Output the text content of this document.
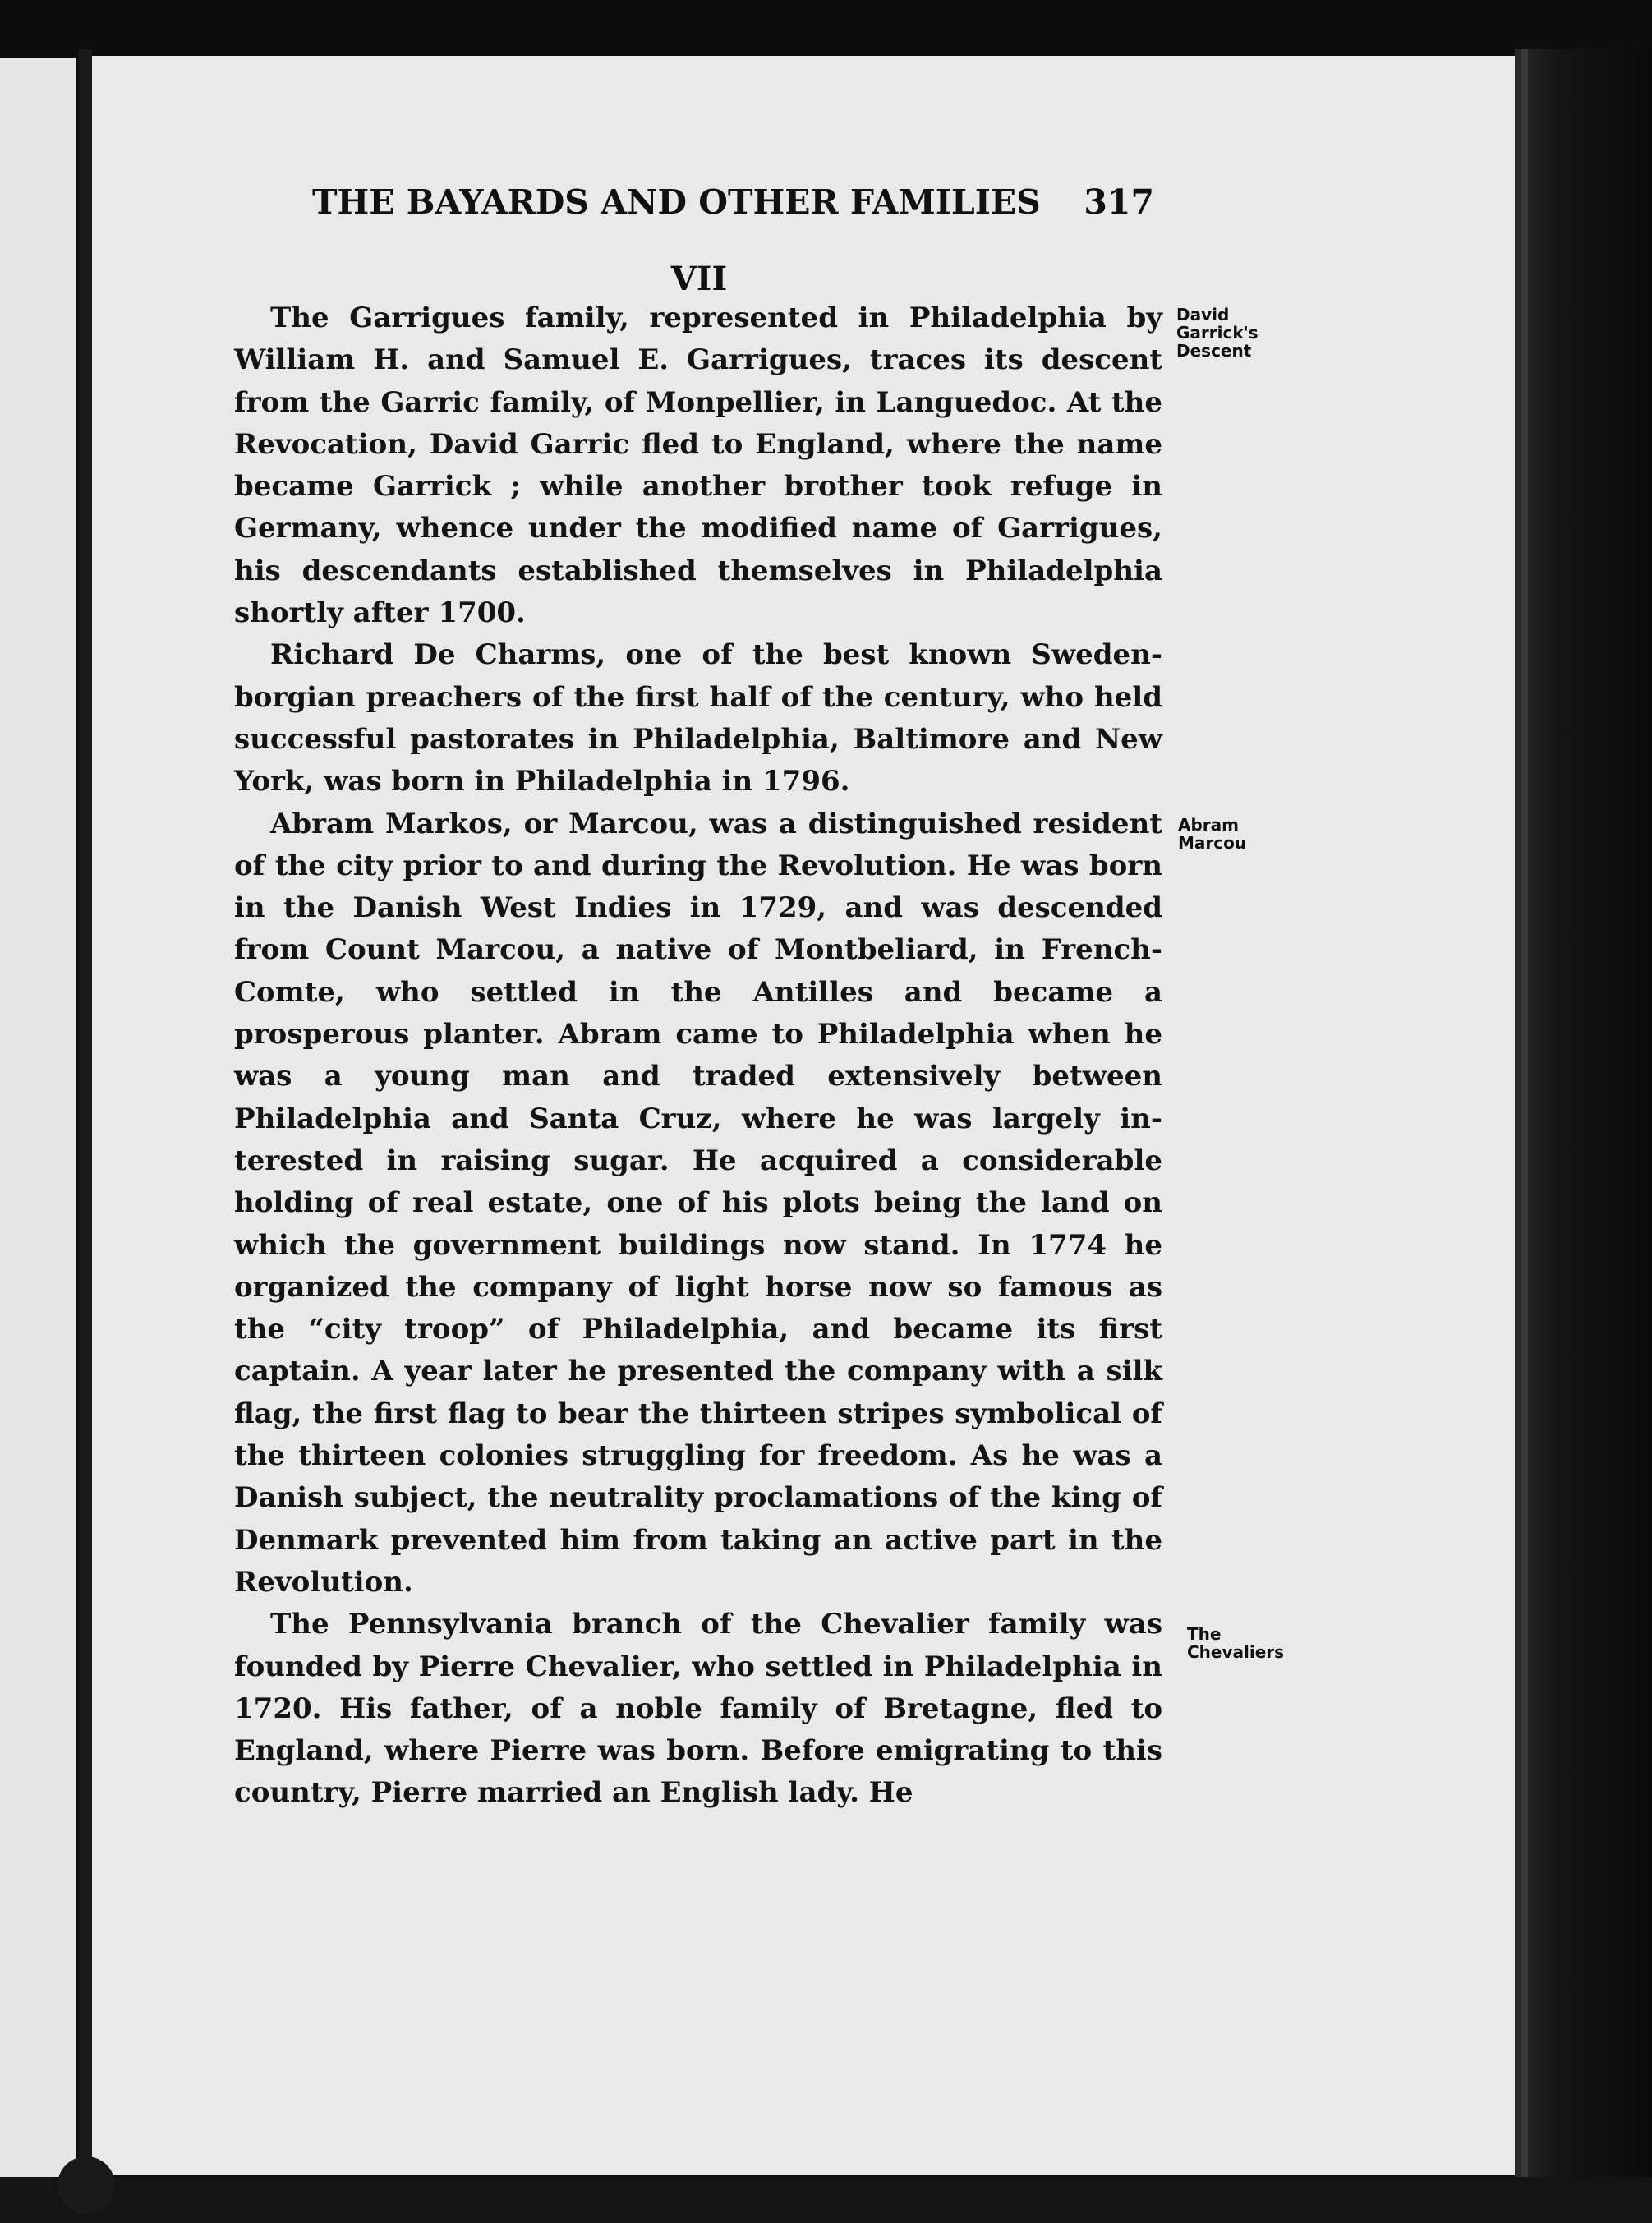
THE BAYARDS AND OTHER FAMILIES 317
VII

The Garrigues family, represented in Philadelphia by William H. and Samuel E. Garrigues, traces its descent from the Garric family, of Monpellier, in Languedoc. At the Revocation, David Garric fled to England, where the name became Garrick ; while another brother took refuge in Germany, whence under the modified name of Garrigues, his descendants established themselves in Philadelphia shortly after 1700.

Richard De Charms, one of the best known Swedenborgian preachers of the first half of the century, who held successful pastorates in Philadelphia, Baltimore and New York, was born in Philadelphia in 1796.

Abram Markos, or Marcou, was a distinguished resident of the city prior to and during the Revolution. He was born in the Danish West Indies in 1729, and was descended from Count Marcou, a native of Montbeliard, in French-Comte, who settled in the Antilles and became a prosperous planter. Abram came to Philadelphia when he was a young man and traded extensively between Philadelphia and Santa Cruz, where he was largely interested in raising sugar. He acquired a considerable holding of real estate, one of his plots being the land on which the government buildings now stand. In 1774 he organized the company of light horse now so famous as the “city troop” of Philadelphia, and became its first captain. A year later he presented the company with a silk flag, the first flag to bear the thirteen stripes symbolical of the thirteen colonies struggling for freedom. As he was a Danish subject, the neutrality proclamations of the king of Denmark prevented him from taking an active part in the Revolution.

The Pennsylvania branch of the Chevalier family was founded by Pierre Chevalier, who settled in Philadelphia in 1720. His father, of a noble family of Bretagne, fled to England, where Pierre was born. Before emigrating to this country, Pierre married an English lady. He

David
Garrick's
Descent
Abram
Marcou
The
Chevaliers
